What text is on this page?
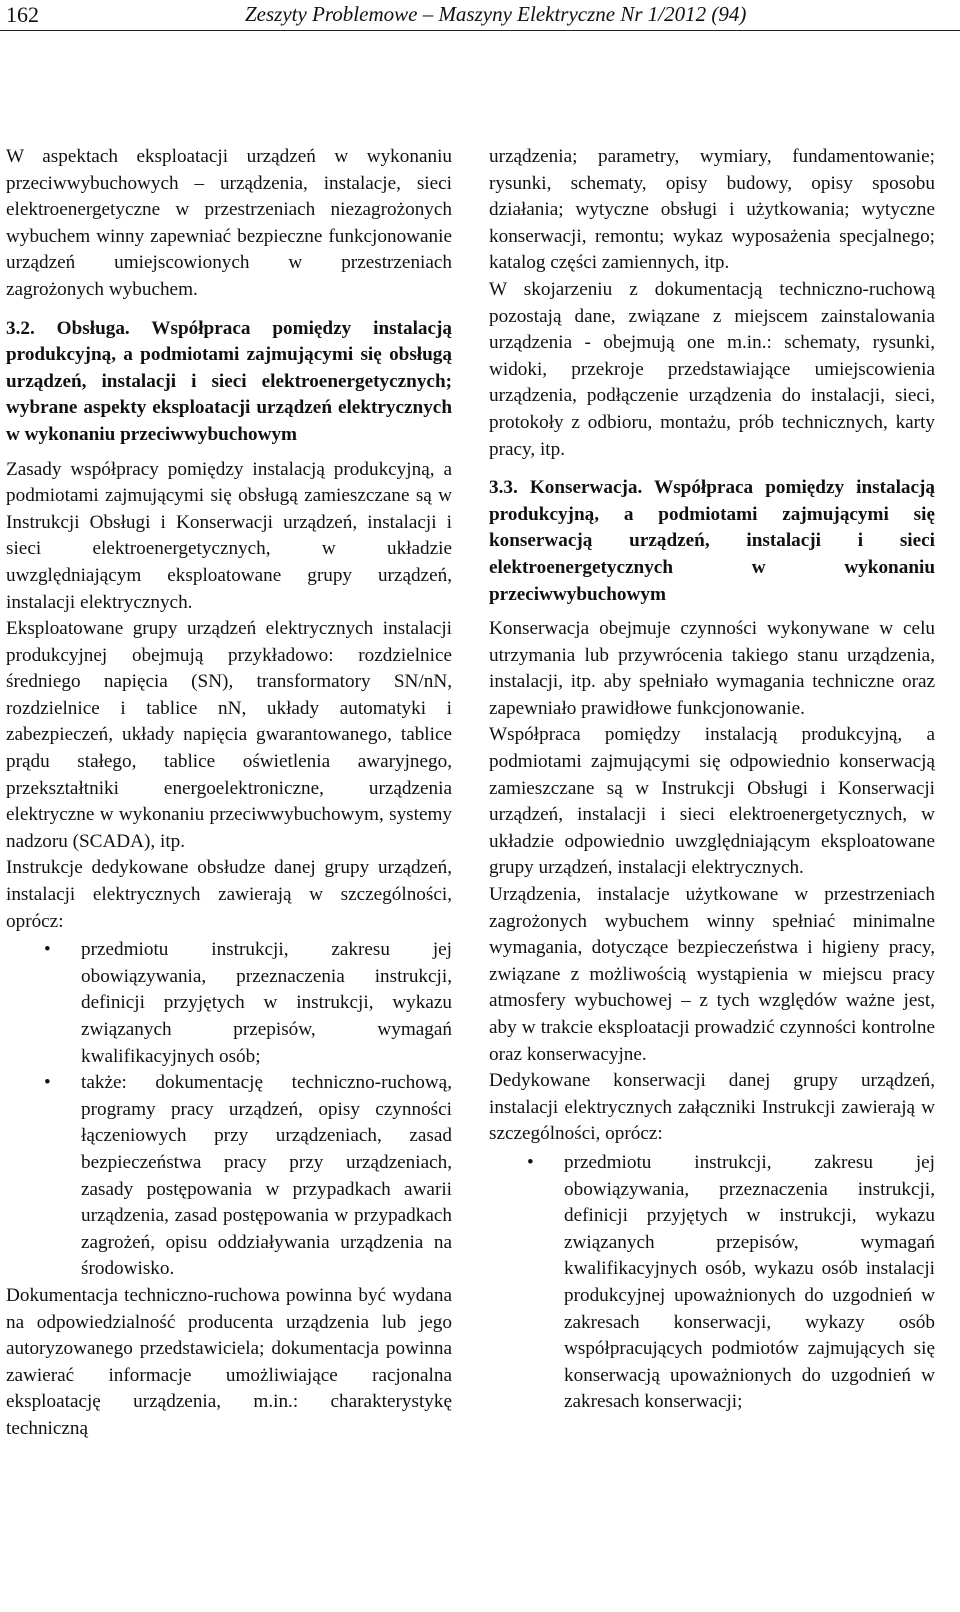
162	Zeszyty Problemowe – Maszyny Elektryczne Nr 1/2012 (94)

W aspektach eksploatacji urządzeń w wykonaniu przeciwwybuchowych – urządzenia, instalacje, sieci elektroenergetyczne w przestrzeniach niezagrożonych wybuchem winny zapewniać bezpieczne funkcjonowanie urządzeń umiejscowionych w przestrzeniach zagrożonych wybuchem.

3.2. Obsługa. Współpraca pomiędzy instalacją produkcyjną, a podmiotami zajmującymi się obsługą urządzeń, instalacji i sieci elektroenergetycznych; wybrane aspekty eksploatacji urządzeń elektrycznych w wykonaniu przeciwwybuchowym

Zasady współpracy pomiędzy instalacją produkcyjną, a podmiotami zajmującymi się obsługą zamieszczane są w Instrukcji Obsługi i Konserwacji urządzeń, instalacji i sieci elektroenergetycznych, w układzie uwzględniającym eksploatowane grupy urządzeń, instalacji elektrycznych.

Eksploatowane grupy urządzeń elektrycznych instalacji produkcyjnej obejmują przykładowo: rozdzielnice średniego napięcia (SN), transformatory SN/nN, rozdzielnice i tablice nN, układy automatyki i zabezpieczeń, układy napięcia gwarantowanego, tablice prądu stałego, tablice oświetlenia awaryjnego, przekształtniki energoelektroniczne, urządzenia elektryczne w wykonaniu przeciwwybuchowym, systemy nadzoru (SCADA), itp.

Instrukcje dedykowane obsłudze danej grupy urządzeń, instalacji elektrycznych zawierają w szczególności, oprócz:

• przedmiotu instrukcji, zakresu jej obowiązywania, przeznaczenia instrukcji, definicji przyjętych w instrukcji, wykazu związanych przepisów, wymagań kwalifikacyjnych osób;
• także: dokumentację techniczno-ruchową, programy pracy urządzeń, opisy czynności łączeniowych przy urządzeniach, zasad bezpieczeństwa pracy przy urządzeniach, zasady postępowania w przypadkach awarii urządzenia, zasad postępowania w przypadkach zagrożeń, opisu oddziaływania urządzenia na środowisko.

Dokumentacja techniczno-ruchowa powinna być wydana na odpowiedzialność producenta urządzenia lub jego autoryzowanego przedstawiciela; dokumentacja powinna zawierać informacje umożliwiające racjonalna eksploatację urządzenia, m.in.: charakterystykę techniczną

urządzenia; parametry, wymiary, fundamentowanie; rysunki, schematy, opisy budowy, opisy sposobu działania; wytyczne obsługi i użytkowania; wytyczne konserwacji, remontu; wykaz wyposażenia specjalnego; katalog części zamiennych, itp.

W skojarzeniu z dokumentacją techniczno-ruchową pozostają dane, związane z miejscem zainstalowania urządzenia - obejmują one m.in.: schematy, rysunki, widoki, przekroje przedstawiające umiejscowienia urządzenia, podłączenie urządzenia do instalacji, sieci, protokoły z odbioru, montażu, prób technicznych, karty pracy, itp.

3.3. Konserwacja. Współpraca pomiędzy instalacją produkcyjną, a podmiotami zajmującymi się konserwacją urządzeń, instalacji i sieci elektroenergetycznych w wykonaniu przeciwwybuchowym

Konserwacja obejmuje czynności wykonywane w celu utrzymania lub przywrócenia takiego stanu urządzenia, instalacji, itp. aby spełniało wymagania techniczne oraz zapewniało prawidłowe funkcjonowanie.

Współpraca pomiędzy instalacją produkcyjną, a podmiotami zajmującymi się odpowiednio konserwacją zamieszczane są w Instrukcji Obsługi i Konserwacji urządzeń, instalacji i sieci elektroenergetycznych, w układzie odpowiednio uwzględniającym eksploatowane grupy urządzeń, instalacji elektrycznych.

Urządzenia, instalacje użytkowane w przestrzeniach zagrożonych wybuchem winny spełniać minimalne wymagania, dotyczące bezpieczeństwa i higieny pracy, związane z możliwością wystąpienia w miejscu pracy atmosfery wybuchowej – z tych względów ważne jest, aby w trakcie eksploatacji prowadzić czynności kontrolne oraz konserwacyjne.

Dedykowane konserwacji danej grupy urządzeń, instalacji elektrycznych załączniki Instrukcji zawierają w szczególności, oprócz:

• przedmiotu instrukcji, zakresu jej obowiązywania, przeznaczenia instrukcji, definicji przyjętych w instrukcji, wykazu związanych przepisów, wymagań kwalifikacyjnych osób, wykazu osób instalacji produkcyjnej upoważnionych do uzgodnień w zakresach konserwacji, wykazy osób współpracujących podmiotów zajmujących się konserwacją upoważnionych do uzgodnień w zakresach konserwacji;
